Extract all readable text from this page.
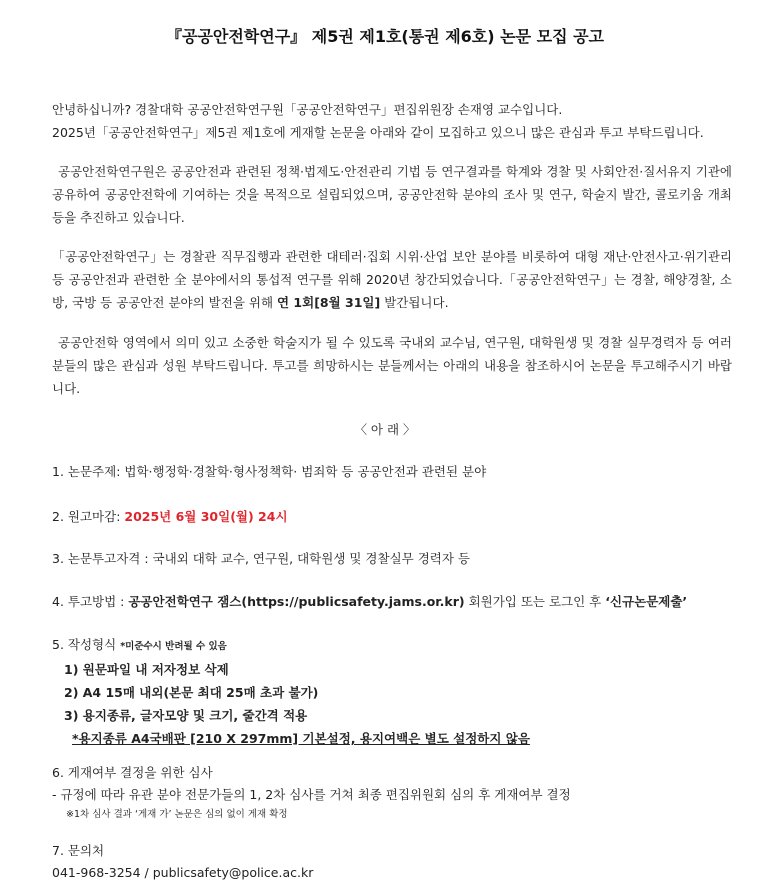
『공공안전학연구』 제5권 제1호(통권 제6호) 논문 모집 공고
안녕하십니까? 경찰대학 공공안전학연구원「공공안전학연구」편집위원장 손재영 교수입니다.
2025년「공공안전학연구」제5권 제1호에 게재할 논문을 아래와 같이 모집하고 있으니 많은 관심과 투고 부탁드립니다.
공공안전학연구원은 공공안전과 관련된 정책·법제도·안전관리 기법 등 연구결과를 학계와 경찰 및 사회안전·질서유지 기관에 공유하여 공공안전학에 기여하는 것을 목적으로 설립되었으며, 공공안전학 분야의 조사 및 연구, 학술지 발간, 콜로키움 개최 등을 추진하고 있습니다.
「공공안전학연구」는 경찰관 직무집행과 관련한 대테러·집회 시위·산업 보안 분야를 비롯하여 대형 재난·안전사고·위기관리 등 공공안전과 관련한 全 분야에서의 통섭적 연구를 위해 2020년 창간되었습니다.「공공안전학연구」는 경찰, 해양경찰, 소방, 국방 등 공공안전 분야의 발전을 위해 연 1회[8월 31일] 발간됩니다.
공공안전학 영역에서 의미 있고 소중한 학술지가 될 수 있도록 국내외 교수님, 연구원, 대학원생 및 경찰 실무경력자 등 여러분들의 많은 관심과 성원 부탁드립니다. 투고를 희망하시는 분들께서는 아래의 내용을 참조하시어 논문을 투고해주시기 바랍니다.
〈 아 래 〉
1. 논문주제: 법학·행정학·경찰학·형사정책학· 범죄학 등 공공안전과 관련된 분야
2. 원고마감: 2025년 6월 30일(월) 24시
3. 논문투고자격 : 국내외 대학 교수, 연구원, 대학원생 및 경찰실무 경력자 등
4. 투고방법 : 공공안전학연구 잼스(https://publicsafety.jams.or.kr) 회원가입 또는 로그인 후 ‘신규논문제출’
5. 작성형식 *미준수시 반려될 수 있음
1) 원문파일 내 저자정보 삭제
2) A4 15매 내외(본문 최대 25매 초과 불가)
3) 용지종류, 글자모양 및 크기, 줄간격 적용
*용지종류 A4국배판 [210 X 297mm] 기본설정, 용지여백은 별도 설정하지 않음
6. 게재여부 결정을 위한 심사
- 규정에 따라 유관 분야 전문가들의 1, 2차 심사를 거쳐 최종 편집위원회 심의 후 게재여부 결정
※1차 심사 결과 ‘게재 가’ 논문은 심의 없이 게재 확정
7. 문의처
041-968-3254 / publicsafety@police.ac.kr
